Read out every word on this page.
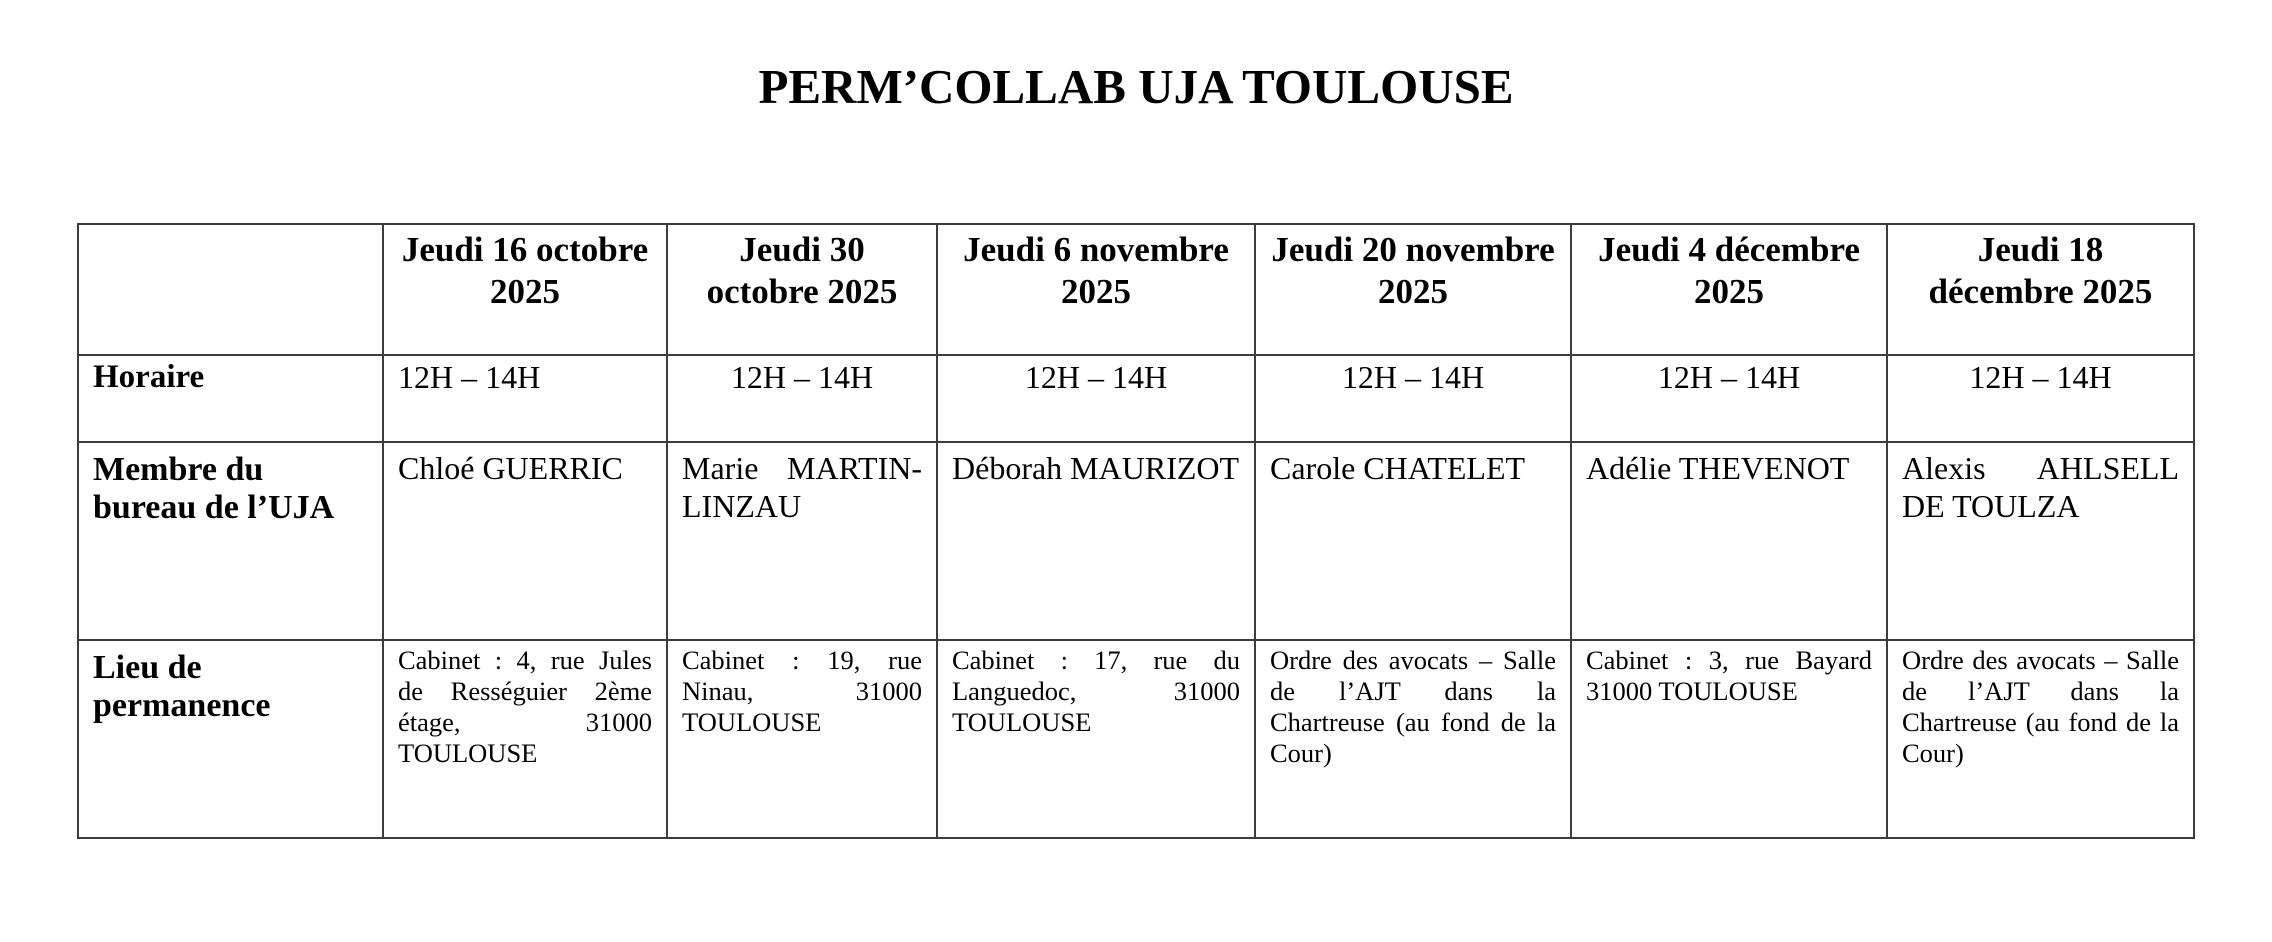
PERM’COLLAB UJA TOULOUSE
	Jeudi 16 octobre 2025	Jeudi 30 octobre 2025	Jeudi 6 novembre 2025	Jeudi 20 novembre 2025	Jeudi 4 décembre 2025	Jeudi 18 décembre 2025
Horaire	12H – 14H	12H – 14H	12H – 14H	12H – 14H	12H – 14H	12H – 14H
Membre du bureau de l’UJA	Chloé GUERRIC	Marie MARTIN-LINZAU	Déborah MAURIZOT	Carole CHATELET	Adélie THEVENOT	Alexis AHLSELL DE TOULZA
Lieu de permanence	Cabinet : 4, rue Jules de Rességuier 2ème étage, 31000 TOULOUSE	Cabinet : 19, rue Ninau, 31000 TOULOUSE	Cabinet : 17, rue du Languedoc, 31000 TOULOUSE	Ordre des avocats – Salle de l’AJT dans la Chartreuse (au fond de la Cour)	Cabinet : 3, rue Bayard 31000 TOULOUSE	Ordre des avocats – Salle de l’AJT dans la Chartreuse (au fond de la Cour)
